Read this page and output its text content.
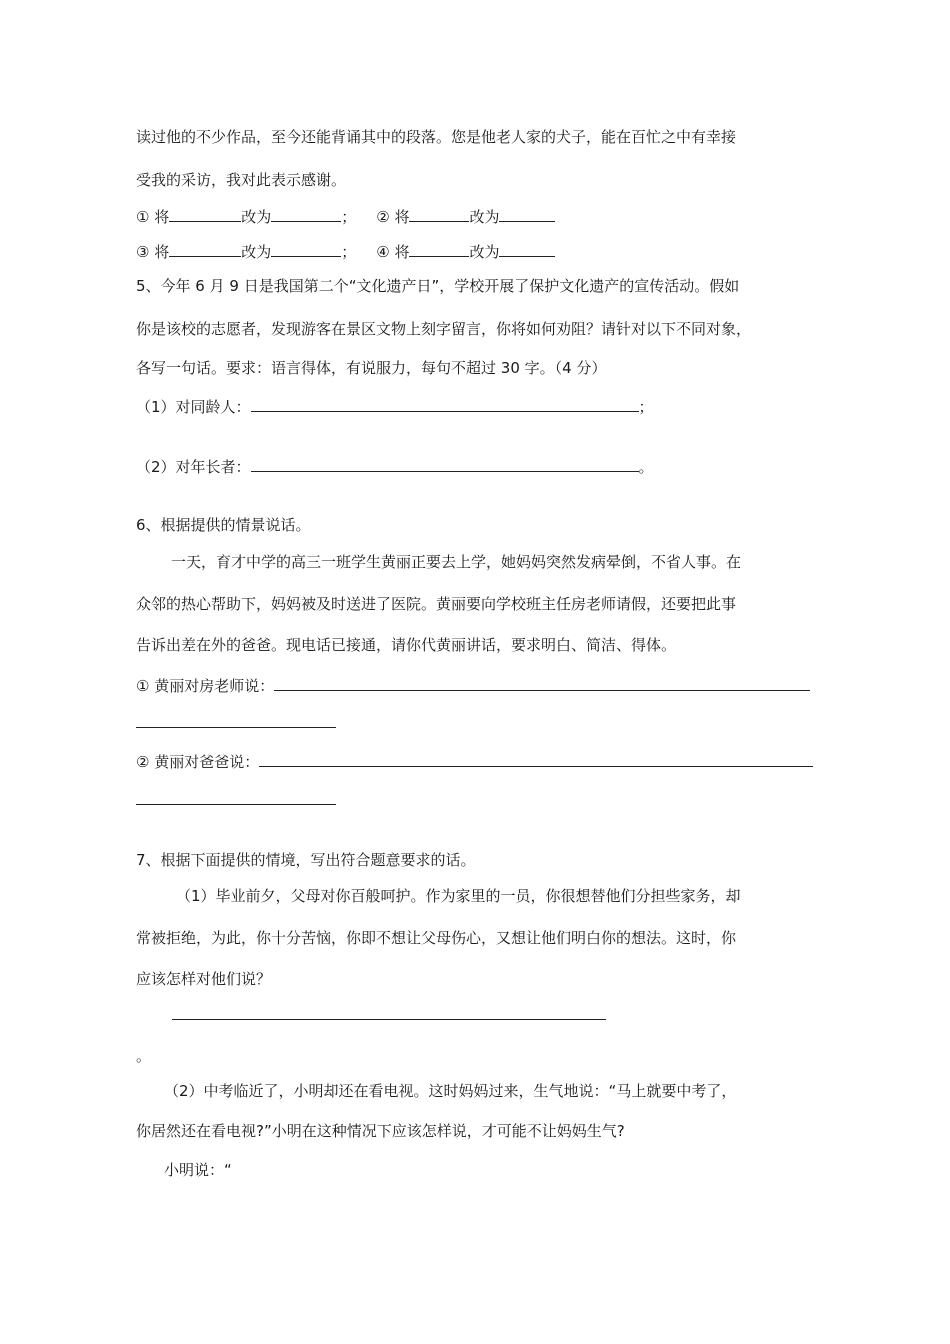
读过他的不少作品，至今还能背诵其中的段落。您是他老人家的犬子，能在百忙之中有幸接
受我的采访，我对此表示感谢。
① 将	改为	； ② 将	改为
③ 将	改为	； ④ 将	改为
5、今年 6 月 9 日是我国第二个“文化遗产日”，学校开展了保护文化遗产的宣传活动。假如
你是该校的志愿者，发现游客在景区文物上刻字留言，你将如何劝阻？请针对以下不同对象，
各写一句话。要求：语言得体，有说服力，每句不超过 30 字。（4 分）
（1）对同龄人：	；
（2）对年长者：	。
6、根据提供的情景说话。
一天，育才中学的高三一班学生黄丽正要去上学，她妈妈突然发病晕倒，不省人事。在
众邻的热心帮助下，妈妈被及时送进了医院。黄丽要向学校班主任房老师请假，还要把此事
告诉出差在外的爸爸。现电话已接通，请你代黄丽讲话，要求明白、简洁、得体。
① 黄丽对房老师说：
② 黄丽对爸爸说：
7、根据下面提供的情境，写出符合题意要求的话。
（1）毕业前夕，父母对你百般呵护。作为家里的一员，你很想替他们分担些家务，却
常被拒绝，为此，你十分苦恼，你即不想让父母伤心，又想让他们明白你的想法。这时，你
应该怎样对他们说？
。
（2）中考临近了，小明却还在看电视。这时妈妈过来，生气地说：“马上就要中考了，
你居然还在看电视?”小明在这种情况下应该怎样说，才可能不让妈妈生气?
小明说：“
